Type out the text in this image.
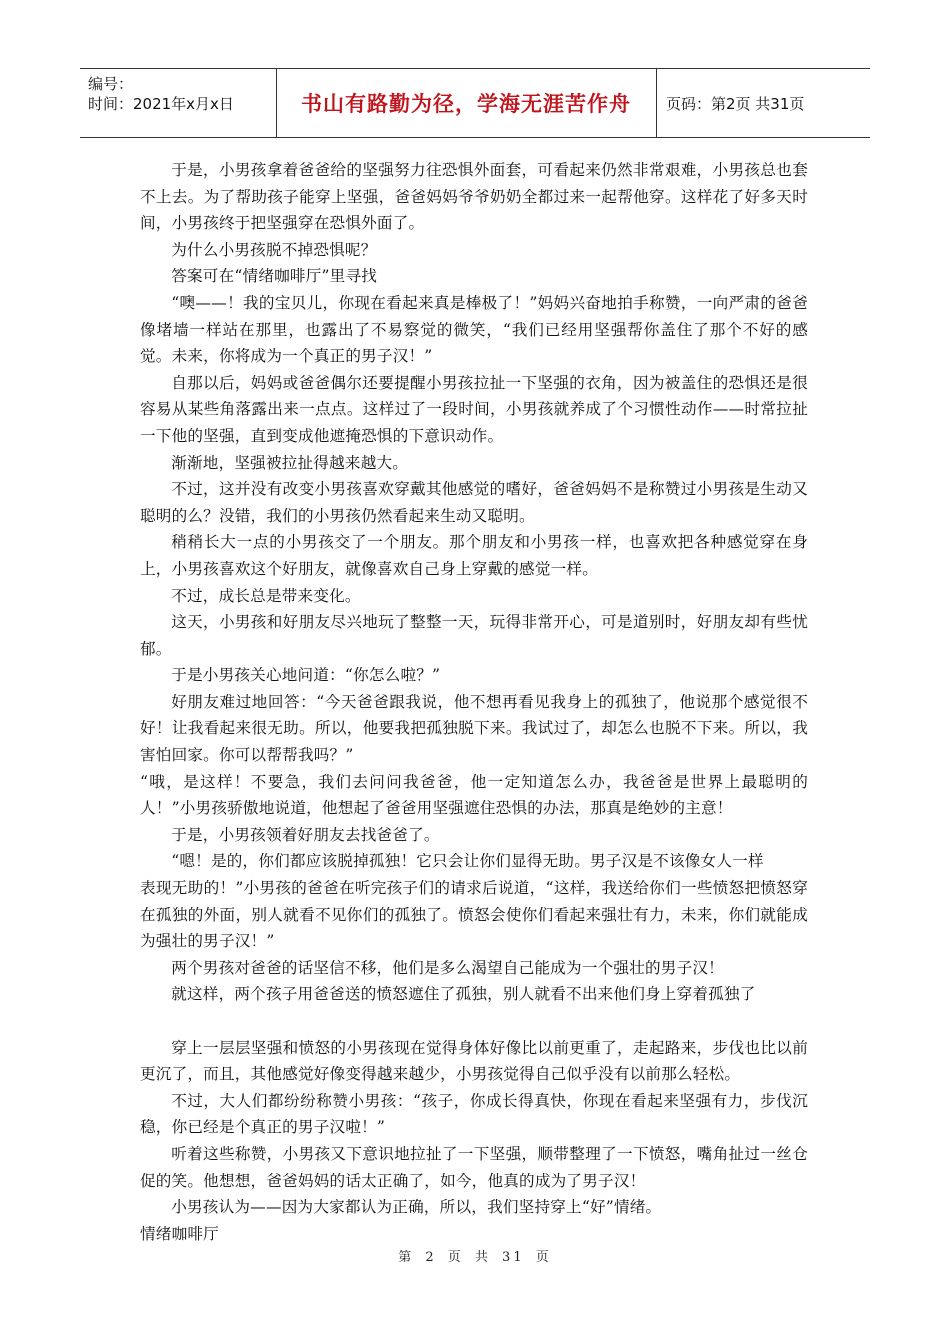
编号：
时间：2021年x月x日	书山有路勤为径，学海无涯苦作舟	页码：第2页 共31页

于是，小男孩拿着爸爸给的坚强努力往恐惧外面套，可看起来仍然非常艰难，小男孩总也套不上去。为了帮助孩子能穿上坚强，爸爸妈妈爷爷奶奶全都过来一起帮他穿。这样花了好多天时间，小男孩终于把坚强穿在恐惧外面了。

为什么小男孩脱不掉恐惧呢？

答案可在“情绪咖啡厅”里寻找

“噢——！我的宝贝儿，你现在看起来真是棒极了！”妈妈兴奋地拍手称赞，一向严肃的爸爸像堵墙一样站在那里，也露出了不易察觉的微笑，“我们已经用坚强帮你盖住了那个不好的感觉。未来，你将成为一个真正的男子汉！”

自那以后，妈妈或爸爸偶尔还要提醒小男孩拉扯一下坚强的衣角，因为被盖住的恐惧还是很容易从某些角落露出来一点点。这样过了一段时间，小男孩就养成了个习惯性动作——时常拉扯一下他的坚强，直到变成他遮掩恐惧的下意识动作。

渐渐地，坚强被拉扯得越来越大。

不过，这并没有改变小男孩喜欢穿戴其他感觉的嗜好，爸爸妈妈不是称赞过小男孩是生动又聪明的么？没错，我们的小男孩仍然看起来生动又聪明。

稍稍长大一点的小男孩交了一个朋友。那个朋友和小男孩一样，也喜欢把各种感觉穿在身上，小男孩喜欢这个好朋友，就像喜欢自己身上穿戴的感觉一样。

不过，成长总是带来变化。

这天，小男孩和好朋友尽兴地玩了整整一天，玩得非常开心，可是道别时，好朋友却有些忧郁。

于是小男孩关心地问道：“你怎么啦？”

好朋友难过地回答：“今天爸爸跟我说，他不想再看见我身上的孤独了，他说那个感觉很不好！让我看起来很无助。所以，他要我把孤独脱下来。我试过了，却怎么也脱不下来。所以，我害怕回家。你可以帮帮我吗？”

“哦，是这样！不要急，我们去问问我爸爸，他一定知道怎么办，我爸爸是世界上最聪明的人！”小男孩骄傲地说道，他想起了爸爸用坚强遮住恐惧的办法，那真是绝妙的主意！

于是，小男孩领着好朋友去找爸爸了。

“嗯！是的，你们都应该脱掉孤独！它只会让你们显得无助。男子汉是不该像女人一样

表现无助的！”小男孩的爸爸在听完孩子们的请求后说道，“这样，我送给你们一些愤怒把愤怒穿在孤独的外面，别人就看不见你们的孤独了。愤怒会使你们看起来强壮有力，未来，你们就能成为强壮的男子汉！”

两个男孩对爸爸的话坚信不移，他们是多么渴望自己能成为一个强壮的男子汉！

就这样，两个孩子用爸爸送的愤怒遮住了孤独，别人就看不出来他们身上穿着孤独了

穿上一层层坚强和愤怒的小男孩现在觉得身体好像比以前更重了，走起路来，步伐也比以前更沉了，而且，其他感觉好像变得越来越少，小男孩觉得自己似乎没有以前那么轻松。

不过，大人们都纷纷称赞小男孩：“孩子，你成长得真快，你现在看起来坚强有力，步伐沉稳，你已经是个真正的男子汉啦！”

听着这些称赞，小男孩又下意识地拉扯了一下坚强，顺带整理了一下愤怒，嘴角扯过一丝仓促的笑。他想想，爸爸妈妈的话太正确了，如今，他真的成为了男子汉！

小男孩认为——因为大家都认为正确，所以，我们坚持穿上“好”情绪。

情绪咖啡厅

第 2 页 共 31 页
